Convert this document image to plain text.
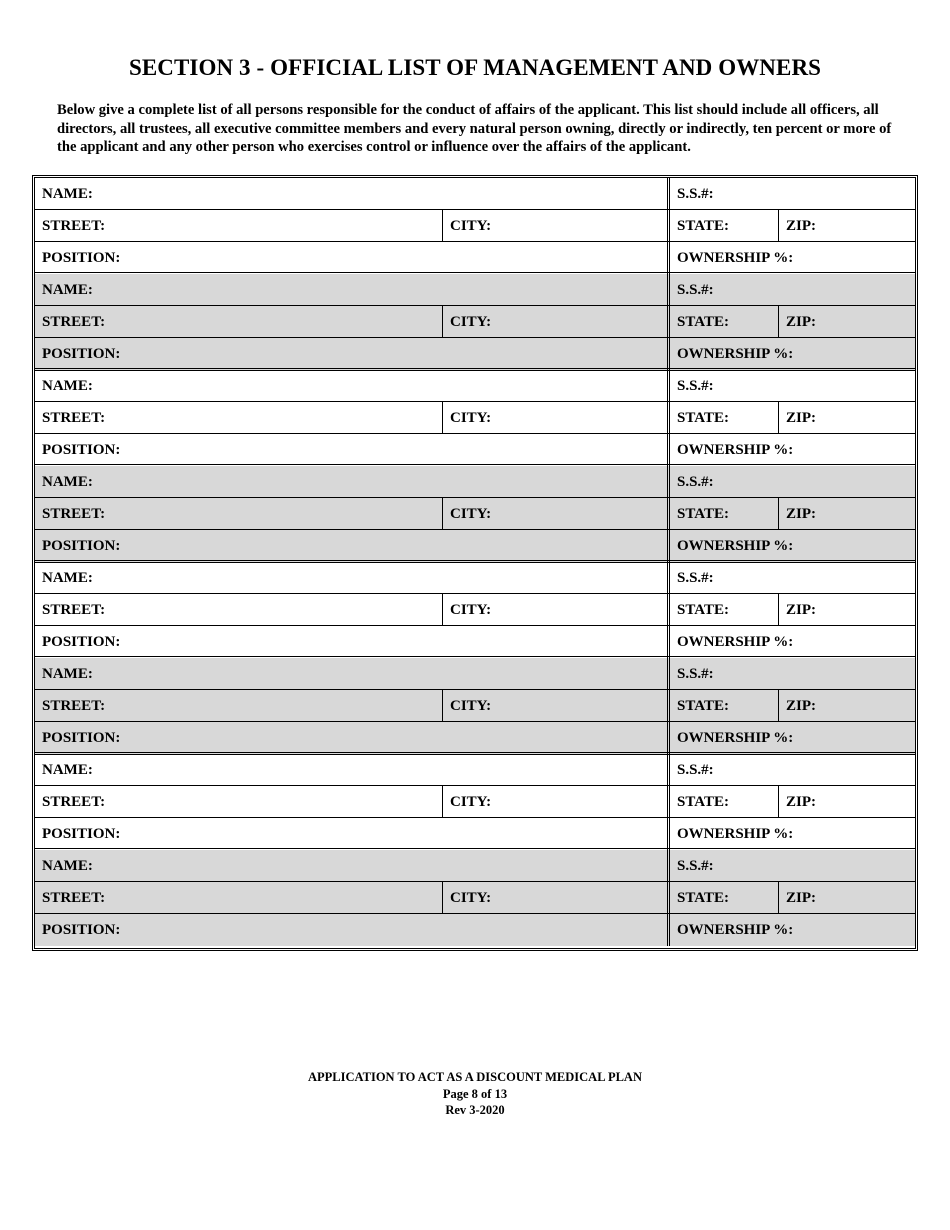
SECTION 3 - OFFICIAL LIST OF MANAGEMENT AND OWNERS
Below give a complete list of all persons responsible for the conduct of affairs of the applicant. This list should include all officers, all directors, all trustees, all executive committee members and every natural person owning, directly or indirectly, ten percent or more of the applicant and any other person who exercises control or influence over the affairs of the applicant.
NAME:	S.S.#:
STREET:	CITY:	STATE:	ZIP:
POSITION:	OWNERSHIP %:
NAME:	S.S.#:
STREET:	CITY:	STATE:	ZIP:
POSITION:	OWNERSHIP %:
NAME:	S.S.#:
STREET:	CITY:	STATE:	ZIP:
POSITION:	OWNERSHIP %:
NAME:	S.S.#:
STREET:	CITY:	STATE:	ZIP:
POSITION:	OWNERSHIP %:
NAME:	S.S.#:
STREET:	CITY:	STATE:	ZIP:
POSITION:	OWNERSHIP %:
NAME:	S.S.#:
STREET:	CITY:	STATE:	ZIP:
POSITION:	OWNERSHIP %:
NAME:	S.S.#:
STREET:	CITY:	STATE:	ZIP:
POSITION:	OWNERSHIP %:
NAME:	S.S.#:
STREET:	CITY:	STATE:	ZIP:
POSITION:	OWNERSHIP %:
APPLICATION TO ACT AS A DISCOUNT MEDICAL PLAN
Page 8 of 13
Rev 3-2020
